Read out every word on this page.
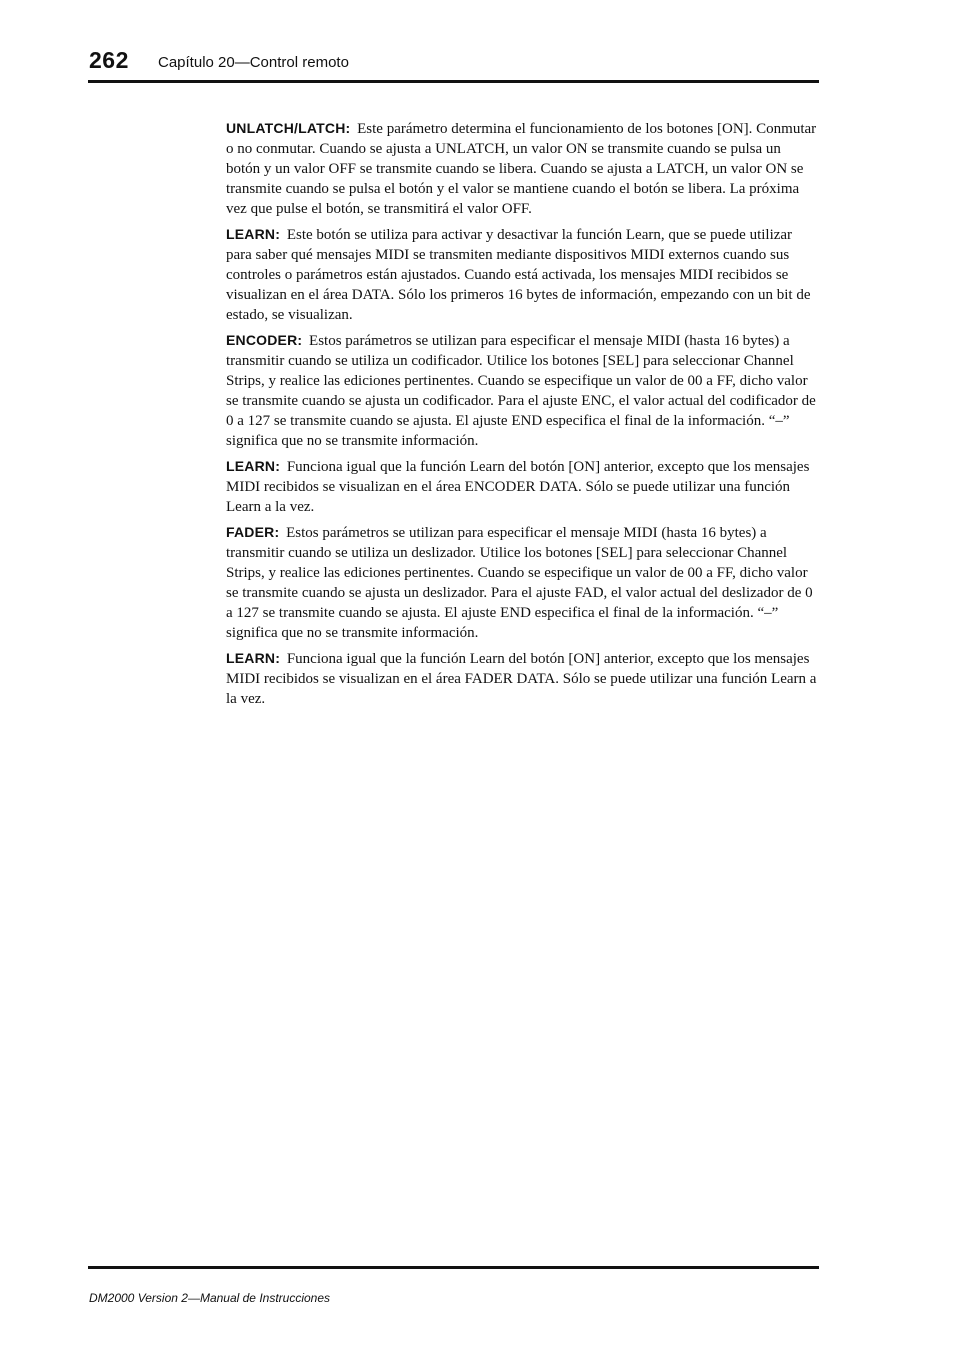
262 Capítulo 20—Control remoto

UNLATCH/LATCH: Este parámetro determina el funcionamiento de los botones [ON]. Conmutar o no conmutar. Cuando se ajusta a UNLATCH, un valor ON se transmite cuando se pulsa un botón y un valor OFF se transmite cuando se libera. Cuando se ajusta a LATCH, un valor ON se transmite cuando se pulsa el botón y el valor se mantiene cuando el botón se libera. La próxima vez que pulse el botón, se transmitirá el valor OFF.

LEARN: Este botón se utiliza para activar y desactivar la función Learn, que se puede utilizar para saber qué mensajes MIDI se transmiten mediante dispositivos MIDI externos cuando sus controles o parámetros están ajustados. Cuando está activada, los mensajes MIDI recibidos se visualizan en el área DATA. Sólo los primeros 16 bytes de información, empezando con un bit de estado, se visualizan.

ENCODER: Estos parámetros se utilizan para especificar el mensaje MIDI (hasta 16 bytes) a transmitir cuando se utiliza un codificador. Utilice los botones [SEL] para seleccionar Channel Strips, y realice las ediciones pertinentes. Cuando se especifique un valor de 00 a FF, dicho valor se transmite cuando se ajusta un codificador. Para el ajuste ENC, el valor actual del codificador de 0 a 127 se transmite cuando se ajusta. El ajuste END especifica el final de la información. “–” significa que no se transmite información.

LEARN: Funciona igual que la función Learn del botón [ON] anterior, excepto que los mensajes MIDI recibidos se visualizan en el área ENCODER DATA. Sólo se puede utilizar una función Learn a la vez.

FADER: Estos parámetros se utilizan para especificar el mensaje MIDI (hasta 16 bytes) a transmitir cuando se utiliza un deslizador. Utilice los botones [SEL] para seleccionar Channel Strips, y realice las ediciones pertinentes. Cuando se especifique un valor de 00 a FF, dicho valor se transmite cuando se ajusta un deslizador. Para el ajuste FAD, el valor actual del deslizador de 0 a 127 se transmite cuando se ajusta. El ajuste END especifica el final de la información. “–” significa que no se transmite información.

LEARN: Funciona igual que la función Learn del botón [ON] anterior, excepto que los mensajes MIDI recibidos se visualizan en el área FADER DATA. Sólo se puede utilizar una función Learn a la vez.

DM2000 Version 2—Manual de Instrucciones
